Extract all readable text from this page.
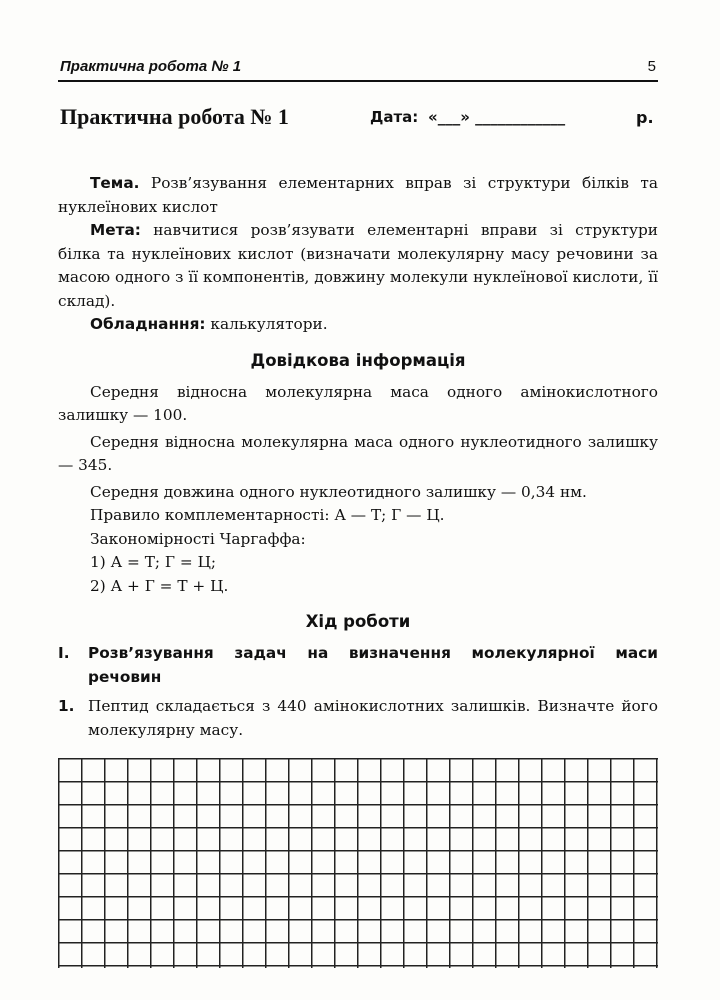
Практична робота № 1	5
Практична робота № 1	Дата: «___» ____________	р.

Тема. Розв’язування елементарних вправ зі структури білків та нуклеїнових кислот

Мета: навчитися розв’язувати елементарні вправи зі структури білка та нуклеїнових кислот (визначати молекулярну масу речовини за масою одного з її компонентів, довжину молекули нуклеїнової кислоти, її склад).

Обладнання: калькулятори.

Довідкова інформація

Середня відносна молекулярна маса одного амінокислотного залишку — 100.

Середня відносна молекулярна маса одного нуклеотидного залишку — 345.

Середня довжина одного нуклеотидного залишку — 0,34 нм.

Правило комплементарності: А — Т; Г — Ц.

Закономірності Чаргаффа:

1) А = Т; Г = Ц;

2) А + Г = Т + Ц.

Хід роботи
I.	Розв’язування задач на визначення молекулярної маси речовин
1. Пептид складається з 440 амінокислотних залишків. Визначте його молекулярну масу.
